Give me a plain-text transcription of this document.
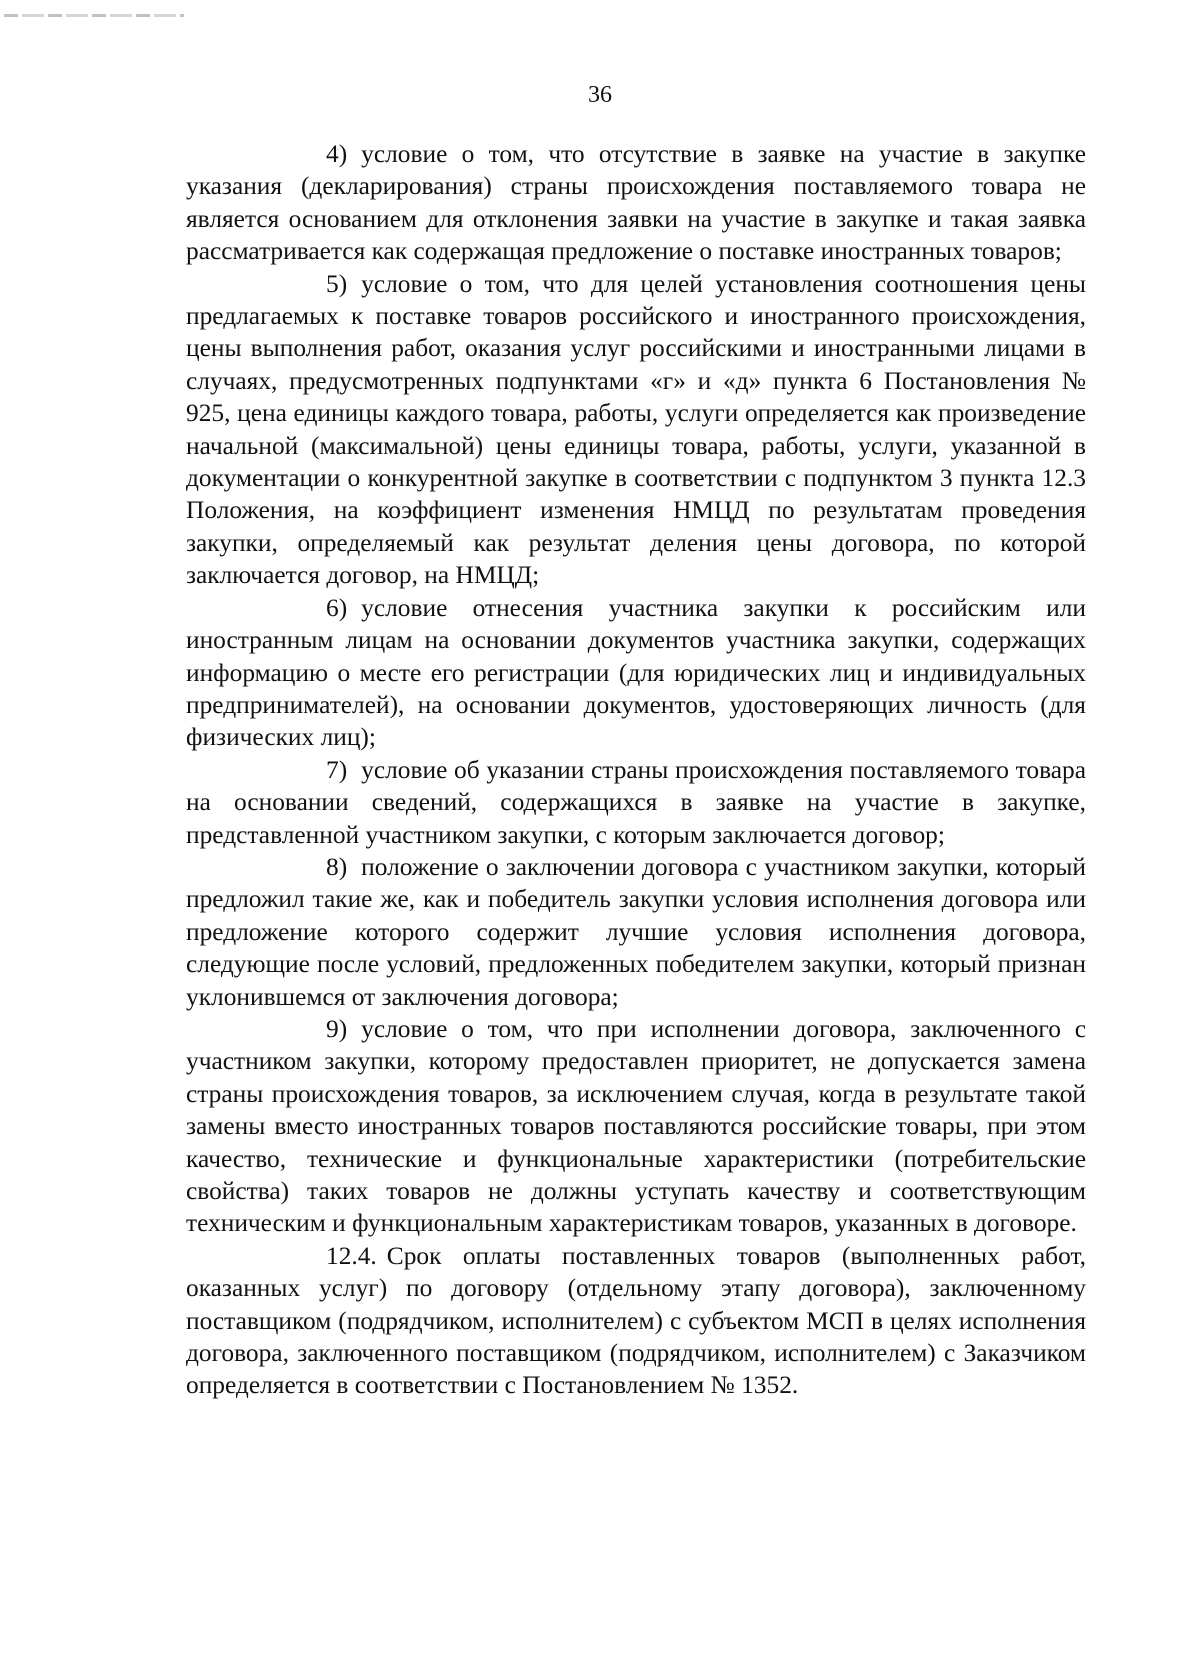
36

4) условие о том, что отсутствие в заявке на участие в закупке указания (декларирования) страны происхождения поставляемого товара не является основанием для отклонения заявки на участие в закупке и такая заявка рассматривается как содержащая предложение о поставке иностранных товаров;

5) условие о том, что для целей установления соотношения цены предлагаемых к поставке товаров российского и иностранного происхождения, цены выполнения работ, оказания услуг российскими и иностранными лицами в случаях, предусмотренных подпунктами «г» и «д» пункта 6 Постановления № 925, цена единицы каждого товара, работы, услуги определяется как произведение начальной (максимальной) цены единицы товара, работы, услуги, указанной в документации о конкурентной закупке в соответствии с подпунктом 3 пункта 12.3 Положения, на коэффициент изменения НМЦД по результатам проведения закупки, определяемый как результат деления цены договора, по которой заключается договор, на НМЦД;

6) условие отнесения участника закупки к российским или иностранным лицам на основании документов участника закупки, содержащих информацию о месте его регистрации (для юридических лиц и индивидуальных предпринимателей), на основании документов, удостоверяющих личность (для физических лиц);

7) условие об указании страны происхождения поставляемого товара на основании сведений, содержащихся в заявке на участие в закупке, представленной участником закупки, с которым заключается договор;

8) положение о заключении договора с участником закупки, который предложил такие же, как и победитель закупки условия исполнения договора или предложение которого содержит лучшие условия исполнения договора, следующие после условий, предложенных победителем закупки, который признан уклонившемся от заключения договора;

9) условие о том, что при исполнении договора, заключенного с участником закупки, которому предоставлен приоритет, не допускается замена страны происхождения товаров, за исключением случая, когда в результате такой замены вместо иностранных товаров поставляются российские товары, при этом качество, технические и функциональные характеристики (потребительские свойства) таких товаров не должны уступать качеству и соответствующим техническим и функциональным характеристикам товаров, указанных в договоре.

12.4. Срок оплаты поставленных товаров (выполненных работ, оказанных услуг) по договору (отдельному этапу договора), заключенному поставщиком (подрядчиком, исполнителем) с субъектом МСП в целях исполнения договора, заключенного поставщиком (подрядчиком, исполнителем) с Заказчиком определяется в соответствии с Постановлением № 1352.
